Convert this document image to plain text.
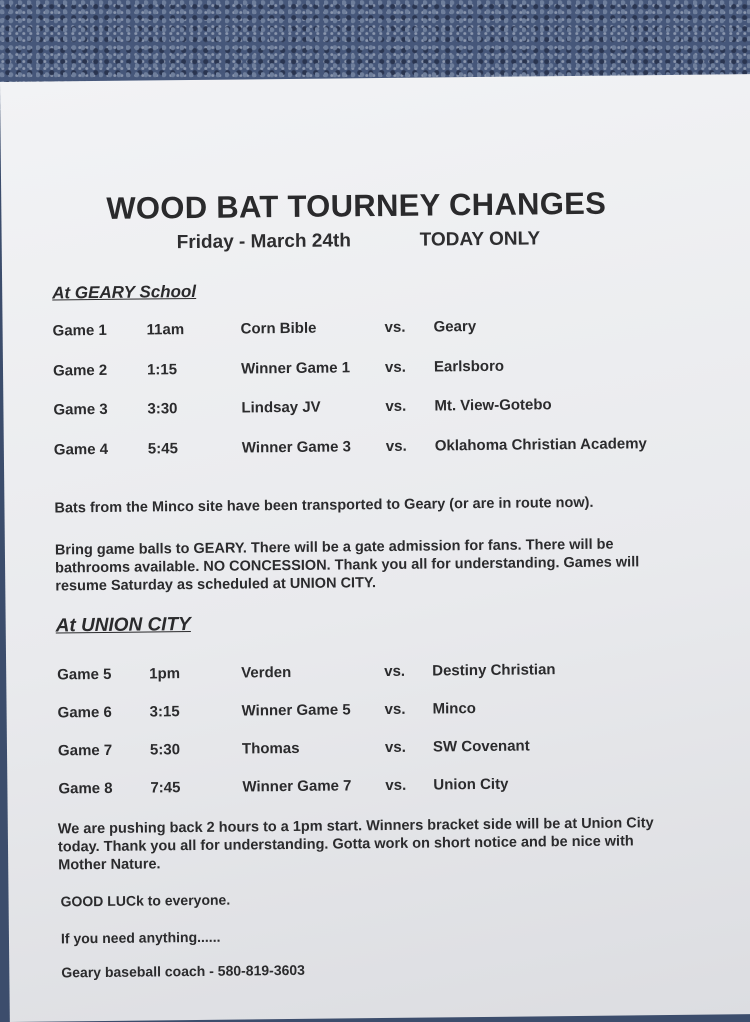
WOOD BAT TOURNEY CHANGES
Friday - March 24th	TODAY ONLY
At GEARY School
Game 1	11am	Corn Bible	vs. Geary
Game 2	1:15	Winner Game 1 vs. Earlsboro
Game 3	3:30	Lindsay JV	vs. Mt. View-Gotebo
Game 4	5:45	Winner Game 3 vs. Oklahoma Christian Academy
Bats from the Minco site have been transported to Geary (or are in route now).
Bring game balls to GEARY. There will be a gate admission for fans. There will be bathrooms available. NO CONCESSION. Thank you all for understanding. Games will resume Saturday as scheduled at UNION CITY.
At UNION CITY
Game 5	1pm	Verden	vs. Destiny Christian
Game 6	3:15	Winner Game 5 vs. Minco
Game 7	5:30	Thomas	vs. SW Covenant
Game 8	7:45	Winner Game 7 vs. Union City
We are pushing back 2 hours to a 1pm start. Winners bracket side will be at Union City today. Thank you all for understanding. Gotta work on short notice and be nice with Mother Nature.
GOOD LUCk to everyone.
If you need anything......
Geary baseball coach - 580-819-3603
